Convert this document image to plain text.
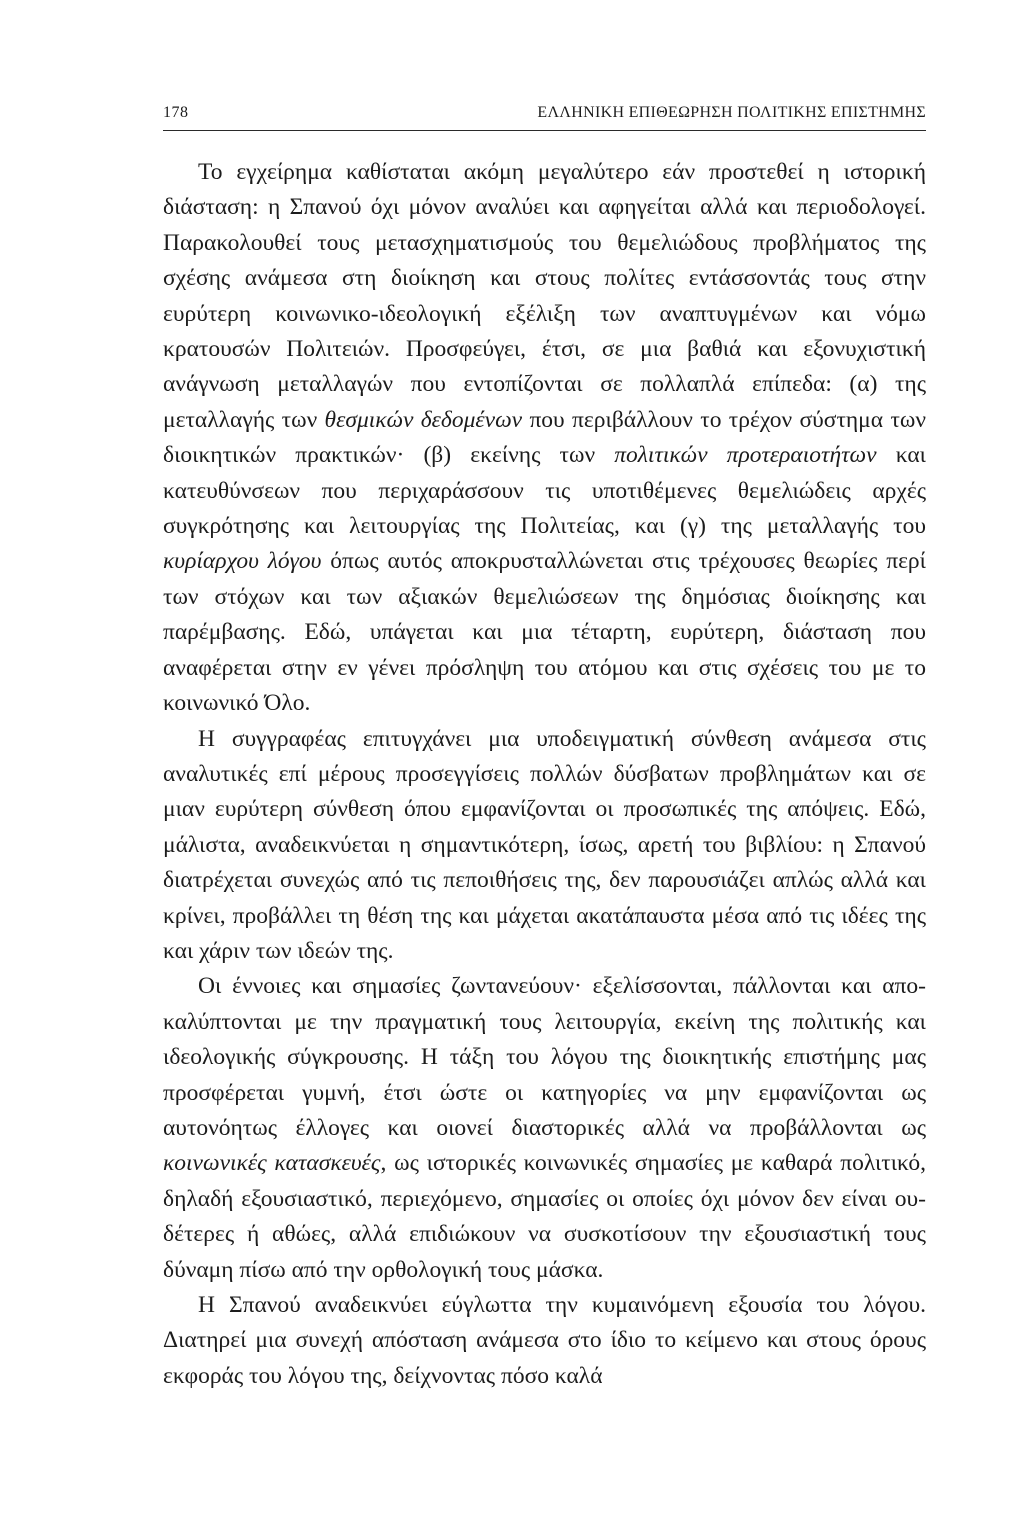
178	ΕΛΛΗΝΙΚΗ ΕΠΙΘΕΩΡΗΣΗ ΠΟΛΙΤΙΚΗΣ ΕΠΙΣΤΗΜΗΣ

Το εγχείρημα καθίσταται ακόμη μεγαλύτερο εάν προστεθεί η ιστορική διάσταση: η Σπανού όχι μόνον αναλύει και αφηγείται αλλά και περιοδολογεί. Παρακολουθεί τους μετασχηματισμούς του θεμελιώδους προβλήματος της σχέσης ανάμεσα στη διοίκηση και στους πολίτες εντάσσοντάς τους στην ευρύτερη κοινωνικο-ιδεολογική εξέλιξη των αναπτυγμένων και νόμω κρατουσών Πολιτειών. Προσφεύγει, έτσι, σε μια βαθιά και εξονυχιστική ανάγνωση μεταλλαγών που εντοπίζονται σε πολλαπλά επίπεδα: (α) της μεταλλαγής των θεσμικών δεδομένων που περιβάλλουν το τρέχον σύστημα των διοικητικών πρακτικών· (β) εκείνης των πολιτικών προτεραιοτήτων και κατευθύνσεων που περιχαράσσουν τις υποτιθέμενες θεμελιώδεις αρχές συγκρότησης και λειτουργίας της Πολιτείας, και (γ) της μεταλλαγής του κυρίαρχου λόγου όπως αυτός αποκρυσταλλώνεται στις τρέχουσες θεωρίες περί των στόχων και των αξιακών θεμελιώσεων της δημόσιας διοίκησης και παρέμβασης. Εδώ, υπάγεται και μια τέταρτη, ευρύτερη, διάσταση που αναφέρεται στην εν γένει πρόσληψη του ατόμου και στις σχέσεις του με το κοινωνικό Όλο.

Η συγγραφέας επιτυγχάνει μια υποδειγματική σύνθεση ανάμεσα στις αναλυτικές επί μέρους προσεγγίσεις πολλών δύσβατων προβλημάτων και σε μιαν ευρύτερη σύνθεση όπου εμφανίζονται οι προσωπικές της απόψεις. Εδώ, μάλιστα, αναδεικνύεται η σημαντικότερη, ίσως, αρετή του βιβλίου: η Σπανού διατρέχεται συνεχώς από τις πεποιθήσεις της, δεν παρουσιάζει απλώς αλλά και κρίνει, προβάλλει τη θέση της και μάχεται ακατάπαυστα μέσα από τις ιδέες της και χάριν των ιδεών της.

Οι έννοιες και σημασίες ζωντανεύουν· εξελίσσονται, πάλλονται και απο-καλύπτονται με την πραγματική τους λειτουργία, εκείνη της πολιτικής και ιδεολογικής σύγκρουσης. Η τάξη του λόγου της διοικητικής επιστήμης μας προσφέρεται γυμνή, έτσι ώστε οι κατηγορίες να μην εμφανίζονται ως αυτονόητως έλλογες και οιονεί διαστορικές αλλά να προβάλλονται ως κοινωνικές κατασκευές, ως ιστορικές κοινωνικές σημασίες με καθαρά πολιτικό, δηλαδή εξουσιαστικό, περιεχόμενο, σημασίες οι οποίες όχι μόνον δεν είναι ουδέτερες ή αθώες, αλλά επιδιώκουν να συσκοτίσουν την εξουσιαστική τους δύναμη πίσω από την ορθολογική τους μάσκα.

Η Σπανού αναδεικνύει εύγλωττα την κυμαινόμενη εξουσία του λόγου. Διατηρεί μια συνεχή απόσταση ανάμεσα στο ίδιο το κείμενο και στους όρους εκφοράς του λόγου της, δείχνοντας πόσο καλά
